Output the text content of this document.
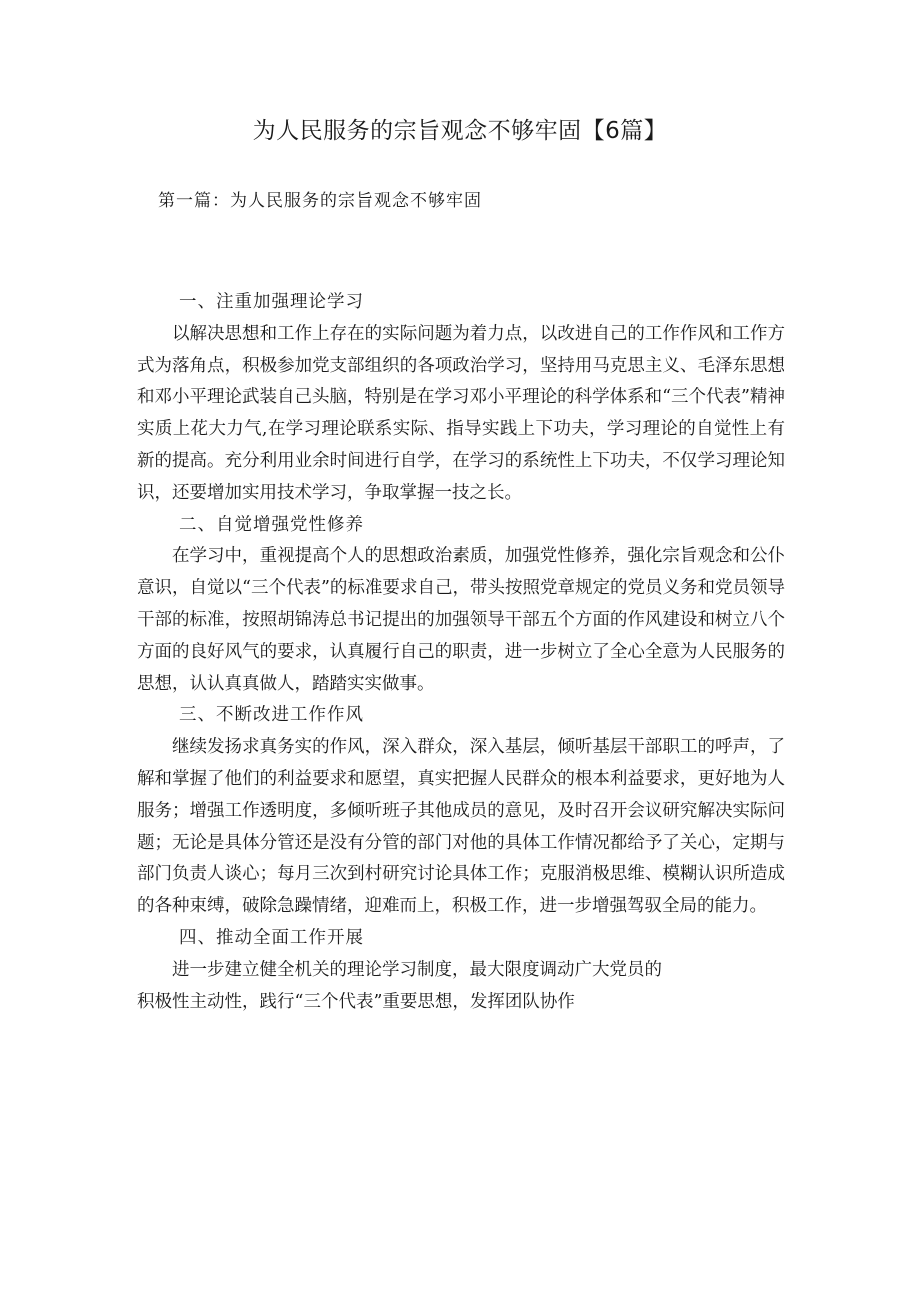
为人民服务的宗旨观念不够牢固【6篇】
第一篇：为人民服务的宗旨观念不够牢固

一、注重加强理论学习

以解决思想和工作上存在的实际问题为着力点，以改进自己的工作作风和工作方式为落角点，积极参加党支部组织的各项政治学习，坚持用马克思主义、毛泽东思想和邓小平理论武装自己头脑，特别是在学习邓小平理论的科学体系和“三个代表”精神实质上花大力气,在学习理论联系实际、指导实践上下功夫，学习理论的自觉性上有新的提高。充分利用业余时间进行自学，在学习的系统性上下功夫，不仅学习理论知识，还要增加实用技术学习，争取掌握一技之长。

二、自觉增强党性修养

在学习中，重视提高个人的思想政治素质，加强党性修养，强化宗旨观念和公仆意识，自觉以“三个代表”的标准要求自己，带头按照党章规定的党员义务和党员领导干部的标准，按照胡锦涛总书记提出的加强领导干部五个方面的作风建设和树立八个方面的良好风气的要求，认真履行自己的职责，进一步树立了全心全意为人民服务的思想，认认真真做人，踏踏实实做事。

三、不断改进工作作风

继续发扬求真务实的作风，深入群众，深入基层，倾听基层干部职工的呼声，了解和掌握了他们的利益要求和愿望，真实把握人民群众的根本利益要求，更好地为人服务；增强工作透明度，多倾听班子其他成员的意见，及时召开会议研究解决实际问题；无论是具体分管还是没有分管的部门对他的具体工作情况都给予了关心，定期与部门负责人谈心；每月三次到村研究讨论具体工作；克服消极思维、模糊认识所造成的各种束缚，破除急躁情绪，迎难而上，积极工作，进一步增强驾驭全局的能力。

四、推动全面工作开展

进一步建立健全机关的理论学习制度，最大限度调动广大党员的

积极性主动性，践行“三个代表”重要思想，发挥团队协作
